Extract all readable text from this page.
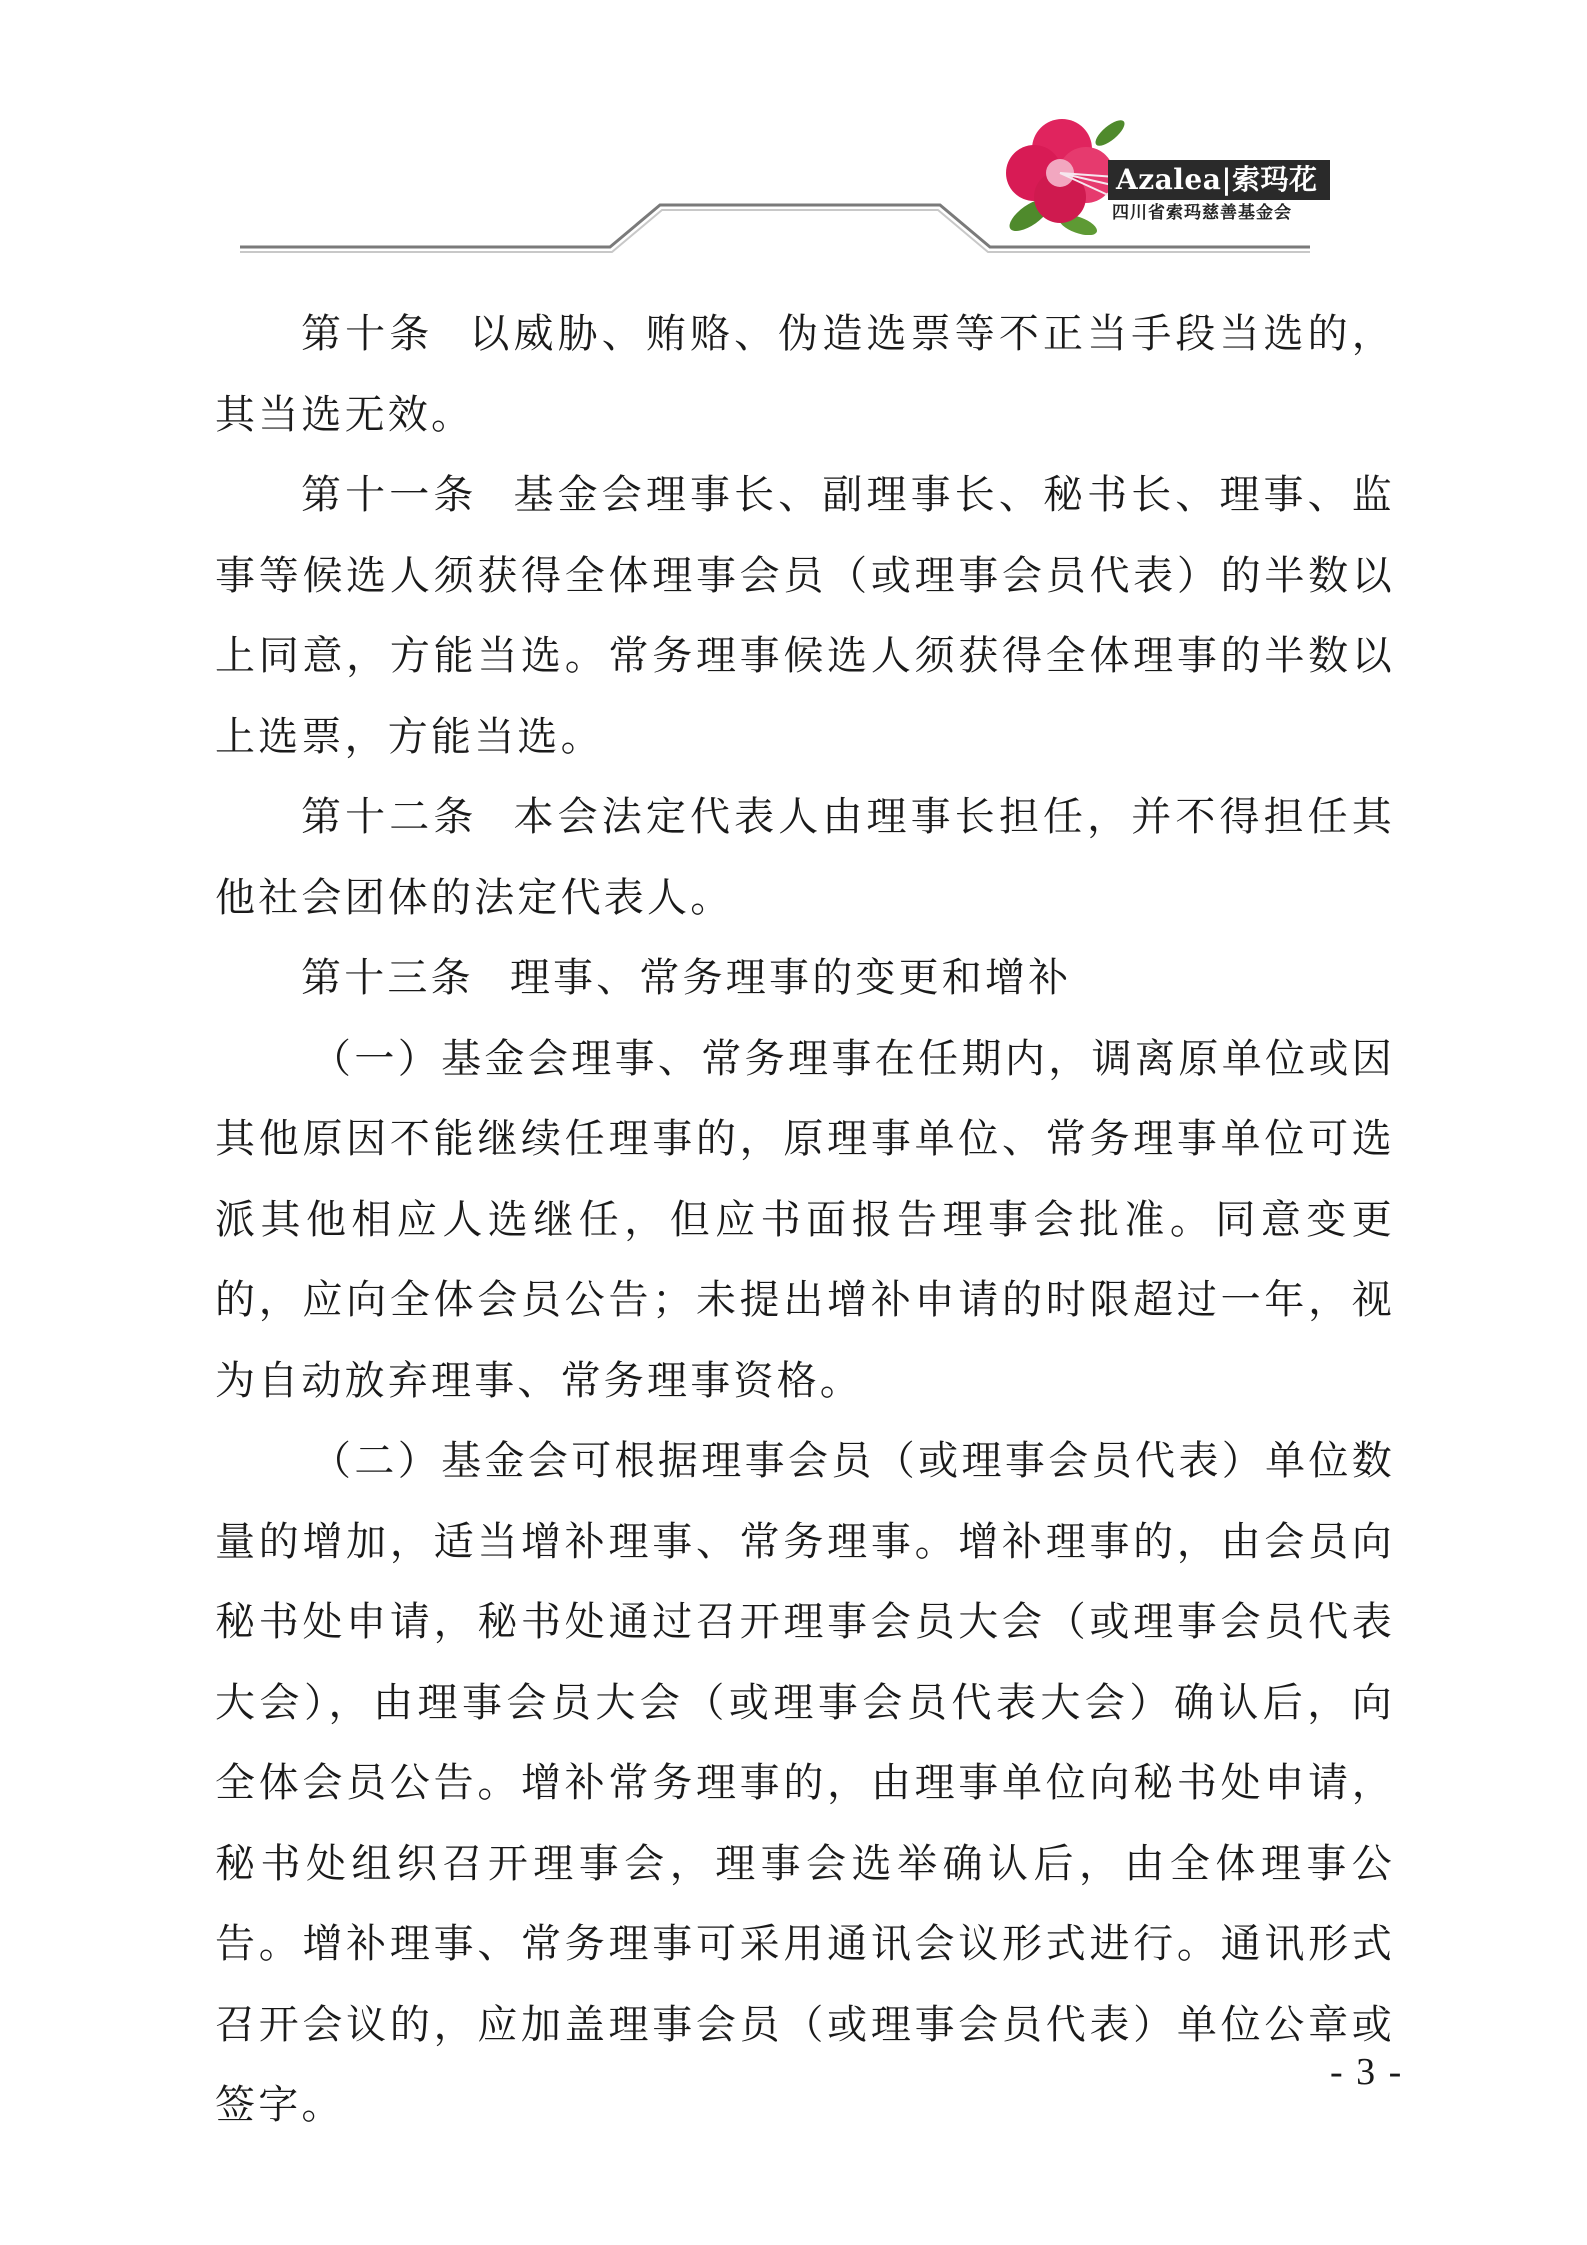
Azalea|索玛花
四川省索玛慈善基金会

第十条 以威胁、贿赂、伪造选票等不正当手段当选的，其当选无效。

第十一条 基金会理事长、副理事长、秘书长、理事、监事等候选人须获得全体理事会员（或理事会员代表）的半数以上同意，方能当选。常务理事候选人须获得全体理事的半数以上选票，方能当选。

第十二条 本会法定代表人由理事长担任，并不得担任其他社会团体的法定代表人。

第十三条 理事、常务理事的变更和增补

（一）基金会理事、常务理事在任期内，调离原单位或因其他原因不能继续任理事的，原理事单位、常务理事单位可选派其他相应人选继任，但应书面报告理事会批准。同意变更的，应向全体会员公告；未提出增补申请的时限超过一年，视为自动放弃理事、常务理事资格。

（二）基金会可根据理事会员（或理事会员代表）单位数量的增加，适当增补理事、常务理事。增补理事的，由会员向秘书处申请，秘书处通过召开理事会员大会（或理事会员代表大会），由理事会员大会（或理事会员代表大会）确认后，向全体会员公告。增补常务理事的，由理事单位向秘书处申请，秘书处组织召开理事会，理事会选举确认后，由全体理事公告。增补理事、常务理事可采用通讯会议形式进行。通讯形式召开会议的，应加盖理事会员（或理事会员代表）单位公章或签字。

- 3 -
